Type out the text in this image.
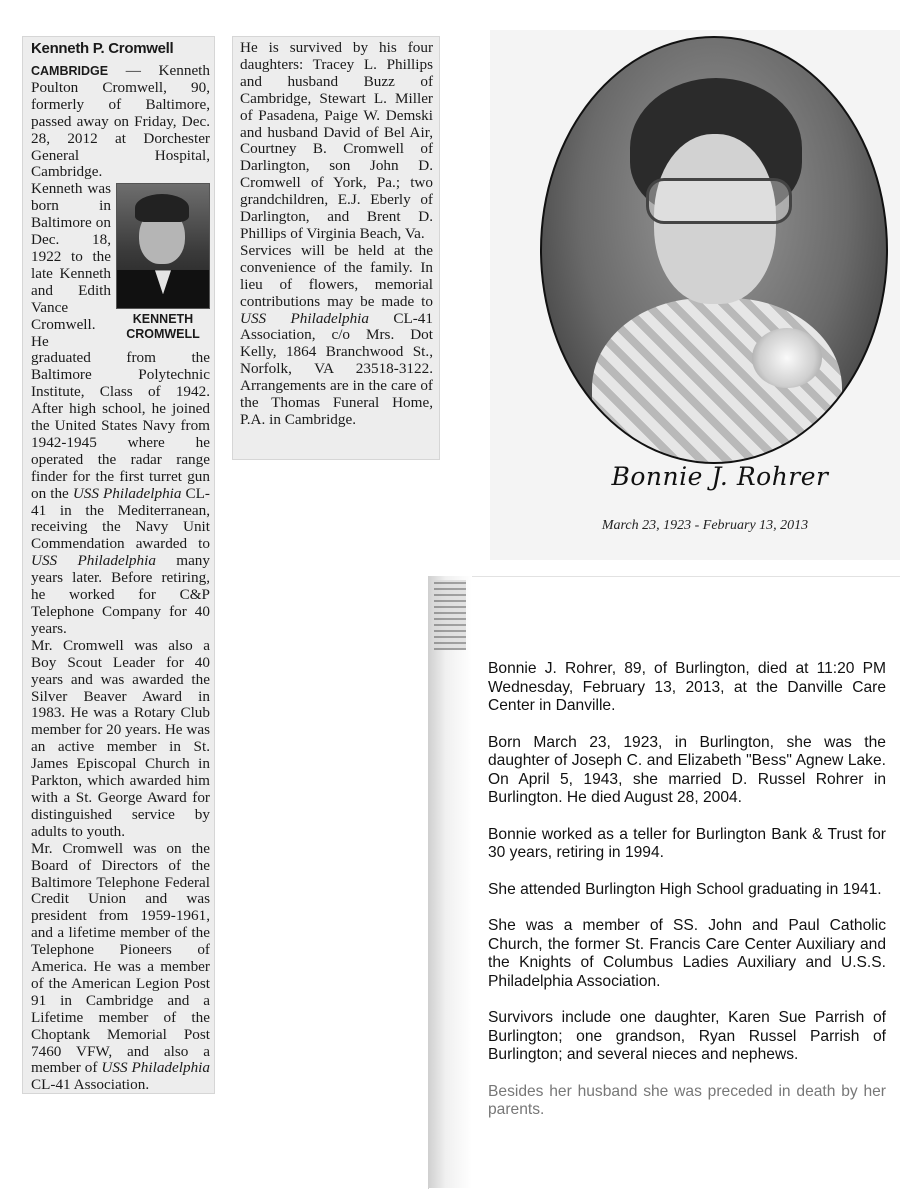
Kenneth P. Cromwell

CAMBRIDGE — Kenneth Poulton Cromwell, 90, formerly of Baltimore, passed away on Friday, Dec. 28, 2012 at Dorchester General Hospital, Cambridge.

KENNETH
CROMWELL

Kenneth was born in Baltimore on Dec. 18, 1922 to the late Kenneth and Edith Vance Cromwell.

He graduated from the Baltimore Polytechnic Institute, Class of 1942. After high school, he joined the United States Navy from 1942-1945 where he operated the radar range finder for the first turret gun on the USS Philadelphia CL-41 in the Mediterranean, receiving the Navy Unit Commendation awarded to USS Philadelphia many years later. Before retiring, he worked for C&P Telephone Company for 40 years.

Mr. Cromwell was also a Boy Scout Leader for 40 years and was awarded the Silver Beaver Award in 1983. He was a Rotary Club member for 20 years. He was an active member in St. James Episcopal Church in Parkton, which awarded him with a St. George Award for distinguished service by adults to youth.

Mr. Cromwell was on the Board of Directors of the Baltimore Telephone Federal Credit Union and was president from 1959-1961, and a lifetime member of the Telephone Pioneers of America. He was a member of the American Legion Post 91 in Cambridge and a Lifetime member of the Choptank Memorial Post 7460 VFW, and also a member of USS Philadelphia CL-41 Association.

He is survived by his four daughters: Tracey L. Phillips and husband Buzz of Cambridge, Stewart L. Miller of Pasadena, Paige W. Demski and husband David of Bel Air, Courtney B. Cromwell of Darlington, son John D. Cromwell of York, Pa.; two grandchildren, E.J. Eberly of Darlington, and Brent D. Phillips of Virginia Beach, Va.

Services will be held at the convenience of the family. In lieu of flowers, memorial contributions may be made to USS Philadelphia CL-41 Association, c/o Mrs. Dot Kelly, 1864 Branchwood St., Norfolk, VA 23518-3122. Arrangements are in the care of the Thomas Funeral Home, P.A. in Cambridge.

Bonnie J. Rohrer
March 23, 1923 - February 13, 2013

Bonnie J. Rohrer, 89, of Burlington, died at 11:20 PM Wednesday, February 13, 2013, at the Danville Care Center in Danville.

Born March 23, 1923, in Burlington, she was the daughter of Joseph C. and Elizabeth "Bess" Agnew Lake. On April 5, 1943, she married D. Russel Rohrer in Burlington. He died August 28, 2004.

Bonnie worked as a teller for Burlington Bank & Trust for 30 years, retiring in 1994.

She attended Burlington High School graduating in 1941.

She was a member of SS. John and Paul Catholic Church, the former St. Francis Care Center Auxiliary and the Knights of Columbus Ladies Auxiliary and U.S.S. Philadelphia Association.

Survivors include one daughter, Karen Sue Parrish of Burlington; one grandson, Ryan Russel Parrish of Burlington; and several nieces and nephews.

Besides her husband she was preceded in death by her parents.
